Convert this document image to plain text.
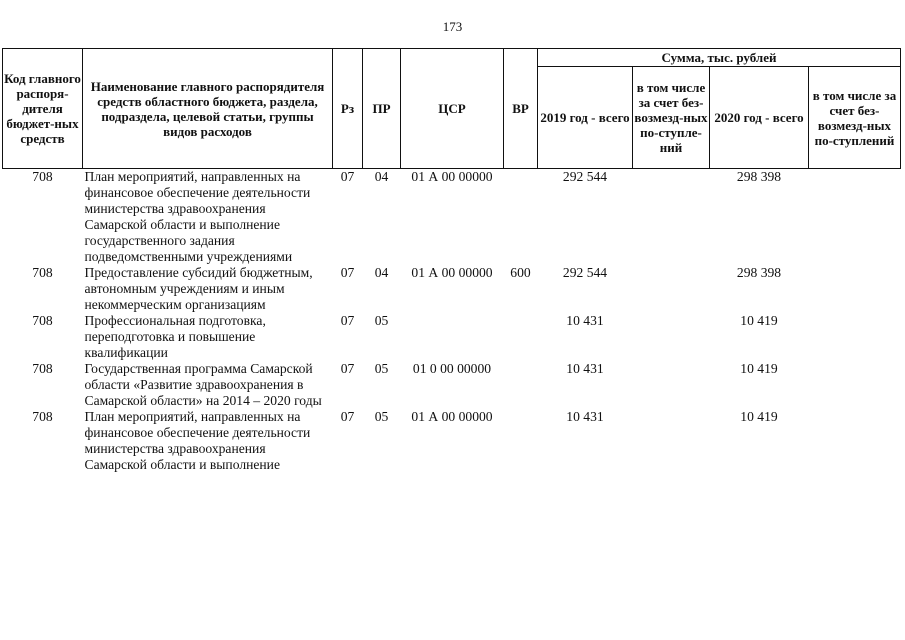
173
Код главного распоря-дителя бюджет-ных средств	Наименование главного распорядителя средств областного бюджета, раздела, подраздела, целевой статьи, группы видов расходов	Рз	ПР	ЦСР	ВР	Сумма, тыс. рублей			
						2019 год - всего	в том числе за счет без-возмезд-ных по-ступле-ний	2020 год - всего	в том числе за счет без-возмезд-ных по-ступлений
708	План мероприятий, направленных на финансовое обеспечение деятельности министерства здравоохранения Самарской области и выполнение государственного задания подведомственными учреждениями	07	04	01 А 00 00000		292 544		298 398	
708	Предоставление субсидий бюджетным, автономным учреждениям и иным некоммерческим организациям	07	04	01 А 00 00000	600	292 544		298 398	
708	Профессиональная подготовка, переподготовка и повышение квалификации	07	05			10 431		10 419	
708	Государственная программа Самарской области «Развитие здравоохранения в Самарской области» на 2014 – 2020 годы	07	05	01 0 00 00000		10 431		10 419	
708	План мероприятий, направленных на финансовое обеспечение деятельности министерства здравоохранения Самарской области и выполнение	07	05	01 А 00 00000		10 431		10 419	
